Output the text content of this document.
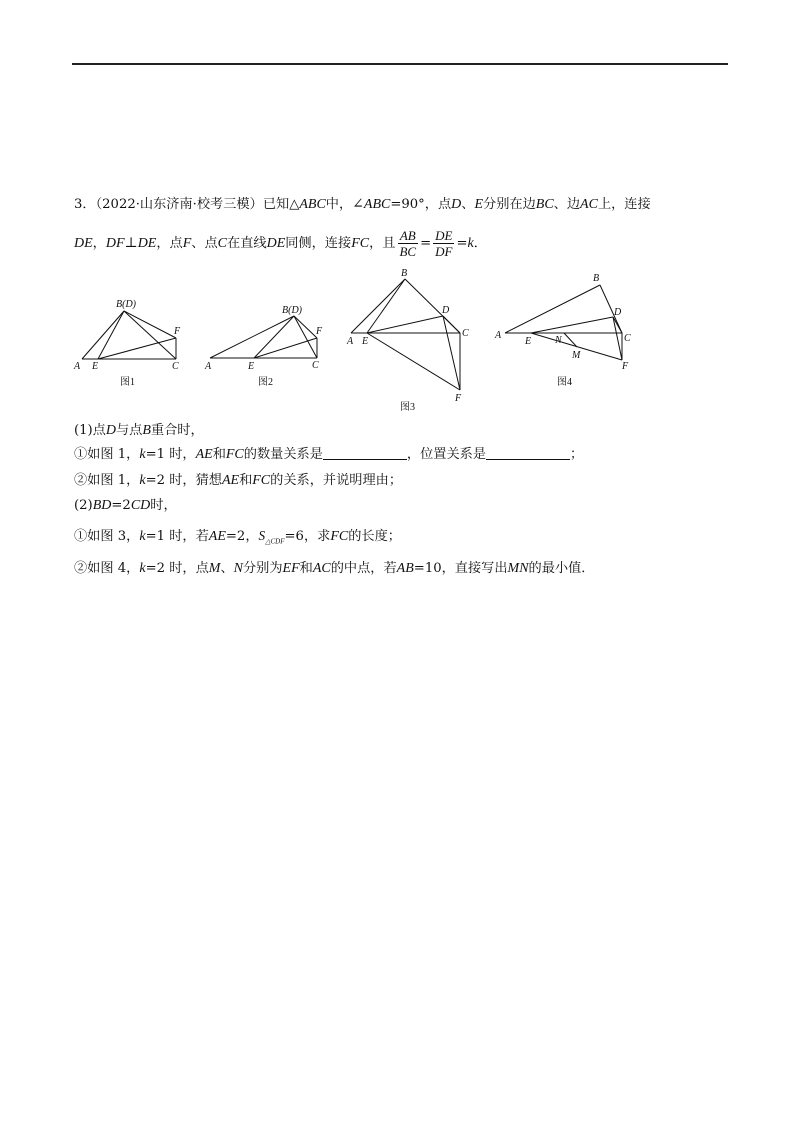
3．（2022·山东济南·校考三模）已知△ABC中，∠ABC=90°，点D、E分别在边BC、边AC上，连接
DE，DF⊥DE，点F、点C在直线DE同侧，连接FC，且 $\frac{AB}{BC} = \frac{DE}{DF} =k$．
B(D)
A E	C
F
图1
B(D)
A	E	C
F
图2
B
D
A E
C
F
图3
B
D
A
E N
M
C
F
图4
(1)点D与点B重合时，
①如图 1，k=1 时，AE和FC的数量关系是	，位置关系是	；
②如图 1，k=2 时，猜想AE和FC的关系，并说明理由；
(2)BD=2CD时，
①如图 3，k=1 时，若AE=2，$S_{\triangle CDF}=6$，求FC的长度；
②如图 4，k=2 时，点M、N分别为EF和AC的中点，若AB=10，直接写出MN的最小值．
